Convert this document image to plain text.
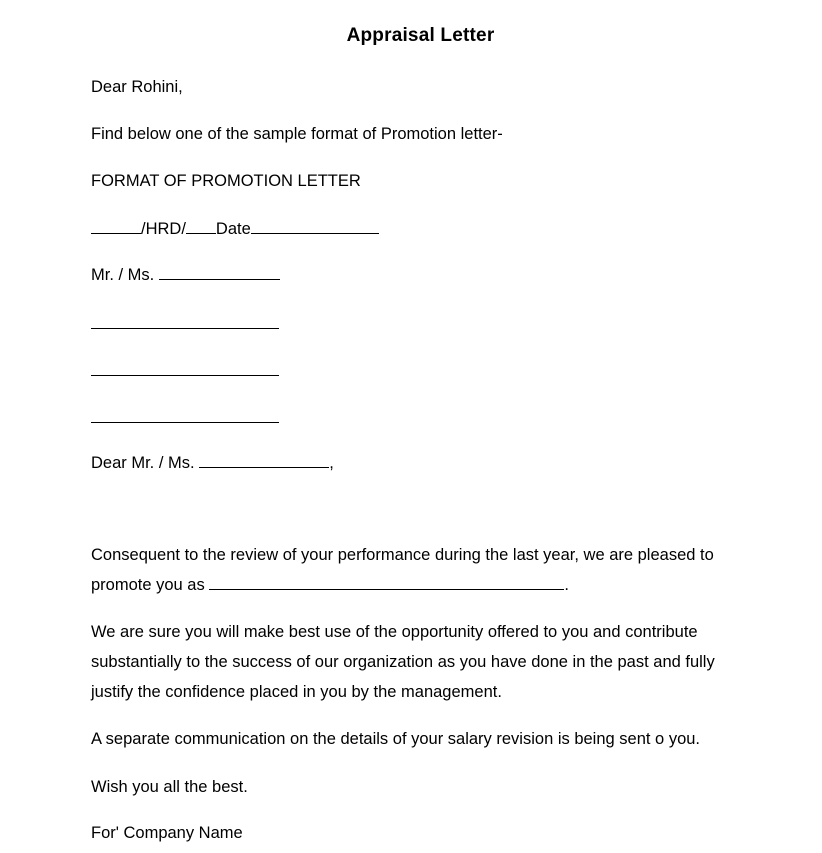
Appraisal Letter
Dear Rohini,
Find below one of the sample format of Promotion letter-
FORMAT OF PROMOTION LETTER
/HRD/ Date
Mr. / Ms.
Dear Mr. / Ms.	,
Consequent to the review of your performance during the last year, we are pleased to promote you as	.
We are sure you will make best use of the opportunity offered to you and contribute substantially to the success of our organization as you have done in the past and fully justify the confidence placed in you by the management.
A separate communication on the details of your salary revision is being sent o you.
Wish you all the best.
For' Company Name
